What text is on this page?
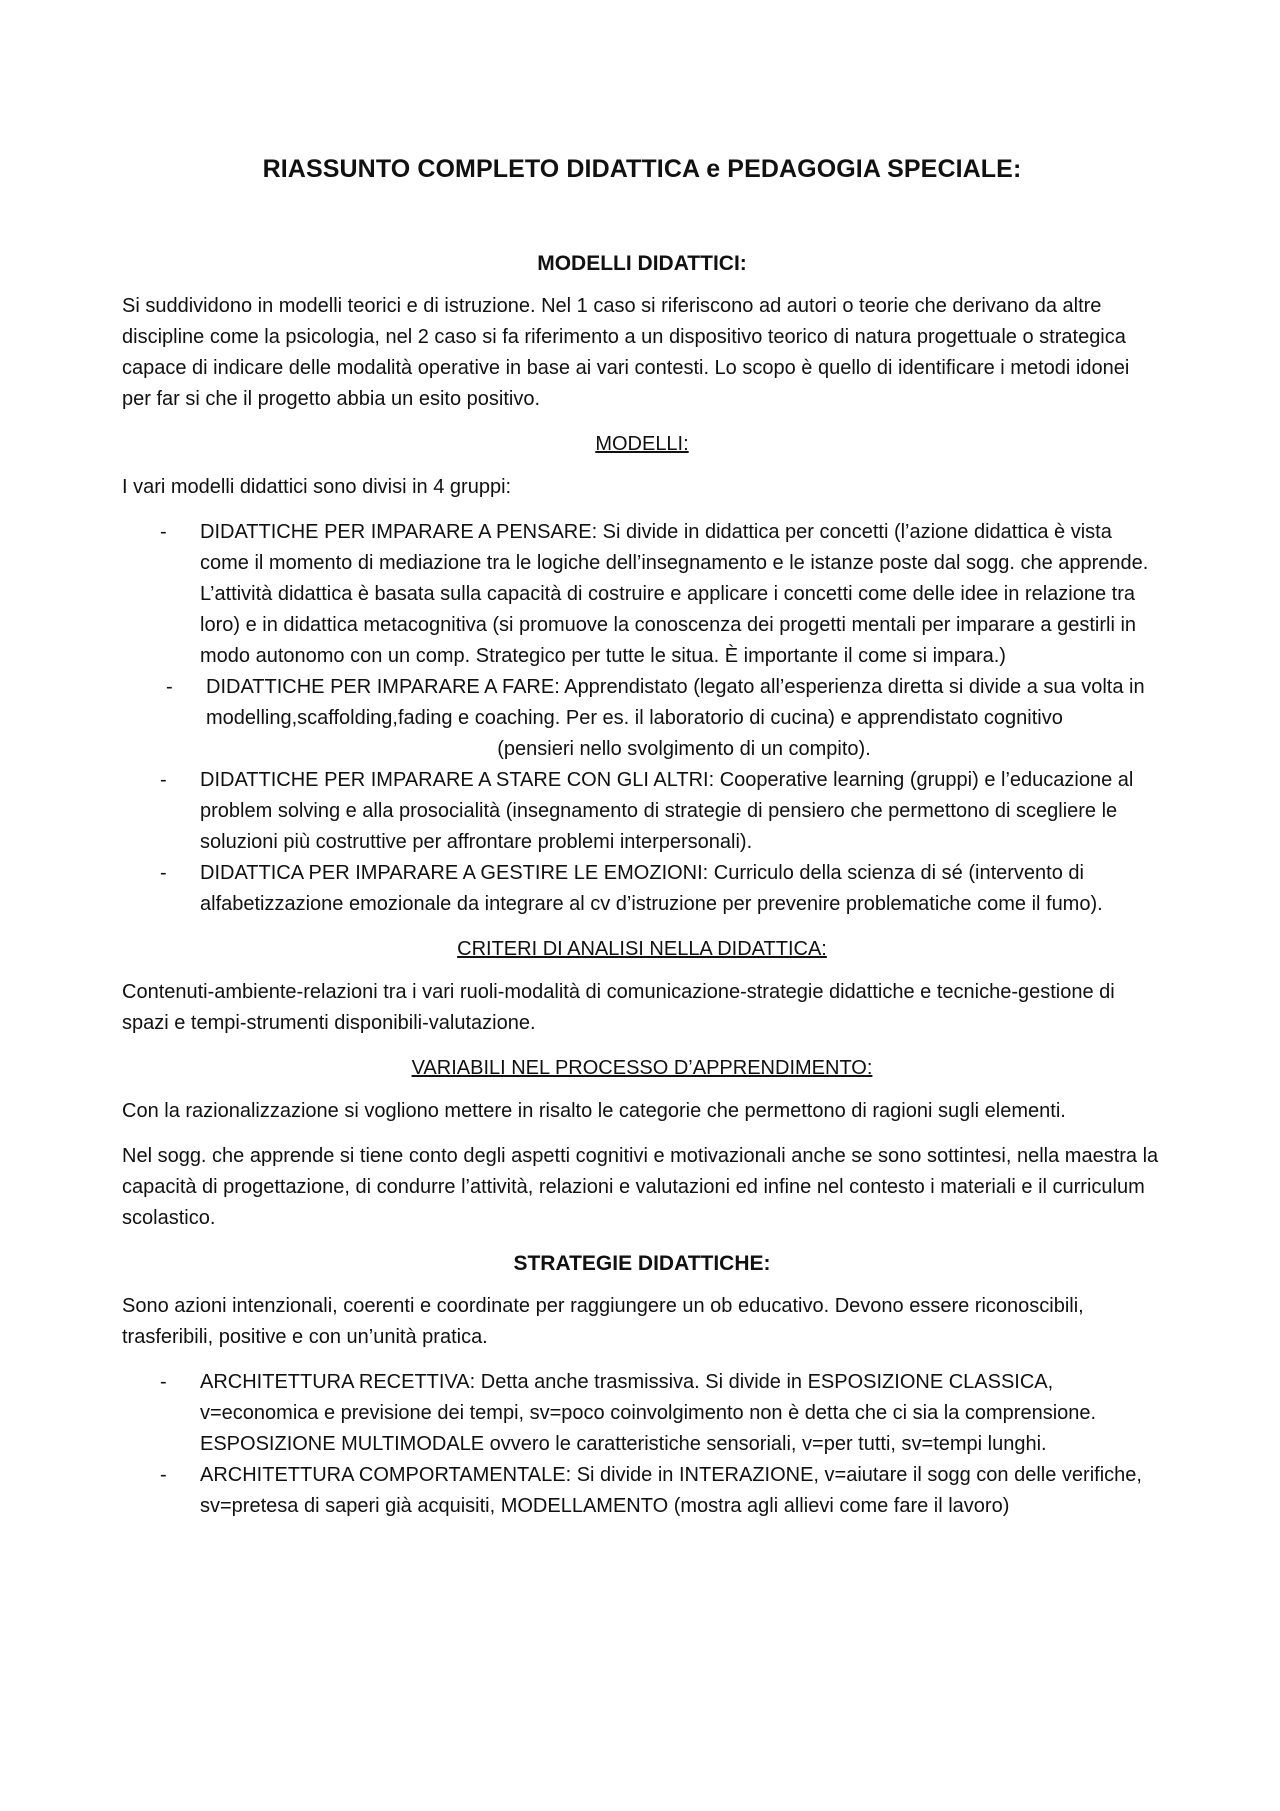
RIASSUNTO COMPLETO DIDATTICA e PEDAGOGIA SPECIALE:
MODELLI DIDATTICI:

Si suddividono in modelli teorici e di istruzione. Nel 1 caso si riferiscono ad autori o teorie che derivano da altre discipline come la psicologia, nel 2 caso si fa riferimento a un dispositivo teorico di natura progettuale o strategica capace di indicare delle modalità operative in base ai vari contesti. Lo scopo è quello di identificare i metodi idonei per far si che il progetto abbia un esito positivo.

MODELLI:

I vari modelli didattici sono divisi in 4 gruppi:

- DIDATTICHE PER IMPARARE A PENSARE: Si divide in didattica per concetti (l’azione didattica è vista come il momento di mediazione tra le logiche dell’insegnamento e le istanze poste dal sogg. che apprende. L’attività didattica è basata sulla capacità di costruire e applicare i concetti come delle idee in relazione tra loro) e in didattica metacognitiva (si promuove la conoscenza dei progetti mentali per imparare a gestirli in modo autonomo con un comp. Strategico per tutte le situa. È importante il come si impara.)
- DIDATTICHE PER IMPARARE A FARE: Apprendistato (legato all’esperienza diretta si divide a sua volta in modelling,scaffolding,fading e coaching. Per es. il laboratorio di cucina) e apprendistato cognitivo
(pensieri nello svolgimento di un compito).
- DIDATTICHE PER IMPARARE A STARE CON GLI ALTRI: Cooperative learning (gruppi) e l’educazione al problem solving e alla prosocialità (insegnamento di strategie di pensiero che permettono di scegliere le soluzioni più costruttive per affrontare problemi interpersonali).
- DIDATTICA PER IMPARARE A GESTIRE LE EMOZIONI: Curriculo della scienza di sé (intervento di alfabetizzazione emozionale da integrare al cv d’istruzione per prevenire problematiche come il fumo).
CRITERI DI ANALISI NELLA DIDATTICA:

Contenuti-ambiente-relazioni tra i vari ruoli-modalità di comunicazione-strategie didattiche e tecniche-gestione di spazi e tempi-strumenti disponibili-valutazione.

VARIABILI NEL PROCESSO D’APPRENDIMENTO:

Con la razionalizzazione si vogliono mettere in risalto le categorie che permettono di ragioni sugli elementi.

Nel sogg. che apprende si tiene conto degli aspetti cognitivi e motivazionali anche se sono sottintesi, nella maestra la capacità di progettazione, di condurre l’attività, relazioni e valutazioni ed infine nel contesto i materiali e il curriculum scolastico.

STRATEGIE DIDATTICHE:

Sono azioni intenzionali, coerenti e coordinate per raggiungere un ob educativo. Devono essere riconoscibili, trasferibili, positive e con un’unità pratica.

- ARCHITETTURA RECETTIVA: Detta anche trasmissiva. Si divide in ESPOSIZIONE CLASSICA, v=economica e previsione dei tempi, sv=poco coinvolgimento non è detta che ci sia la comprensione. ESPOSIZIONE MULTIMODALE ovvero le caratteristiche sensoriali, v=per tutti, sv=tempi lunghi.
- ARCHITETTURA COMPORTAMENTALE: Si divide in INTERAZIONE, v=aiutare il sogg con delle verifiche, sv=pretesa di saperi già acquisiti, MODELLAMENTO (mostra agli allievi come fare il lavoro)
